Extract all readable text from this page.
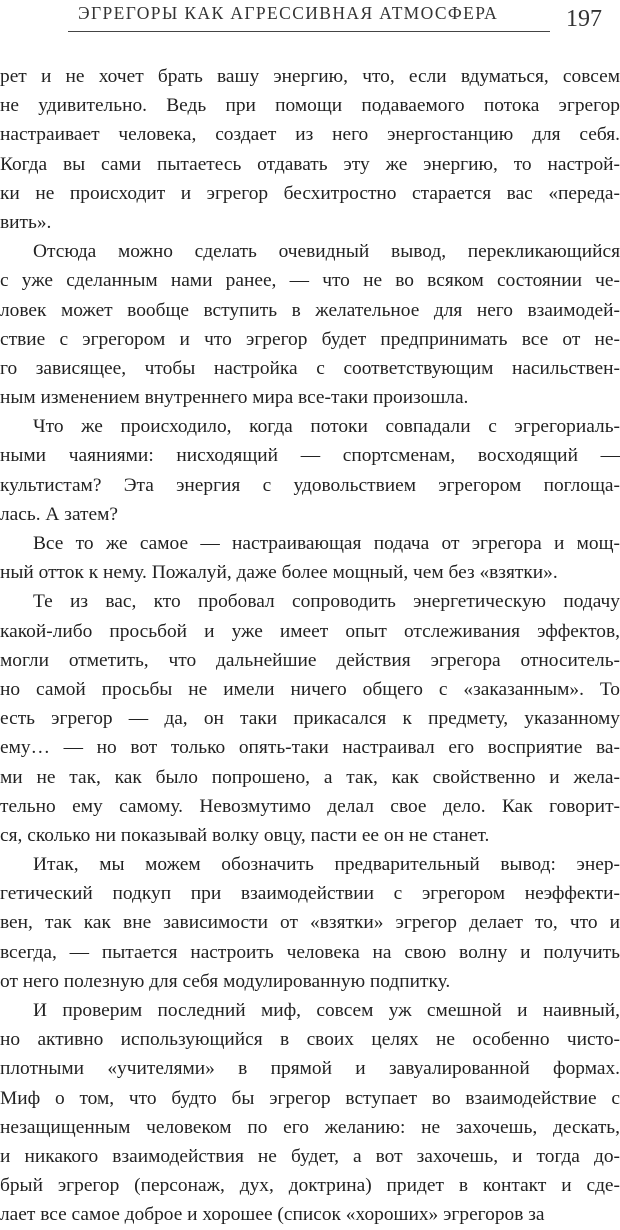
ЭГРЕГОРЫ КАК АГРЕССИВНАЯ АТМОСФЕРА	197
рет и не хочет брать вашу энергию, что, если вдуматься, совсем
не удивительно. Ведь при помощи подаваемого потока эгрегор
настраивает человека, создает из него энергостанцию для себя.
Когда вы сами пытаетесь отдавать эту же энергию, то настрой-
ки не происходит и эгрегор бесхитростно старается вас «переда-
вить».
Отсюда можно сделать очевидный вывод, перекликающийся
с уже сделанным нами ранее, — что не во всяком состоянии че-
ловек может вообще вступить в желательное для него взаимодей-
ствие с эгрегором и что эгрегор будет предпринимать все от не-
го зависящее, чтобы настройка с соответствующим насильствен-
ным изменением внутреннего мира все-таки произошла.
Что же происходило, когда потоки совпадали с эгрегориаль-
ными чаяниями: нисходящий — спортсменам, восходящий —
культистам? Эта энергия с удовольствием эгрегором поглоща-
лась. А затем?
Все то же самое — настраивающая подача от эгрегора и мощ-
ный отток к нему. Пожалуй, даже более мощный, чем без «взятки».
Те из вас, кто пробовал сопроводить энергетическую подачу
какой-либо просьбой и уже имеет опыт отслеживания эффектов,
могли отметить, что дальнейшие действия эгрегора относитель-
но самой просьбы не имели ничего общего с «заказанным». То
есть эгрегор — да, он таки прикасался к предмету, указанному
ему… — но вот только опять-таки настраивал его восприятие ва-
ми не так, как было попрошено, а так, как свойственно и жела-
тельно ему самому. Невозмутимо делал свое дело. Как говорит-
ся, сколько ни показывай волку овцу, пасти ее он не станет.
Итак, мы можем обозначить предварительный вывод: энер-
гетический подкуп при взаимодействии с эгрегором неэффекти-
вен, так как вне зависимости от «взятки» эгрегор делает то, что и
всегда, — пытается настроить человека на свою волну и получить
от него полезную для себя модулированную подпитку.
И проверим последний миф, совсем уж смешной и наивный,
но активно использующийся в своих целях не особенно чисто-
плотными «учителями» в прямой и завуалированной формах.
Миф о том, что будто бы эгрегор вступает во взаимодействие с
незащищенным человеком по его желанию: не захочешь, дескать,
и никакого взаимодействия не будет, а вот захочешь, и тогда до-
брый эгрегор (персонаж, дух, доктрина) придет в контакт и сде-
лает все самое доброе и хорошее (список «хороших» эгрегоров за
